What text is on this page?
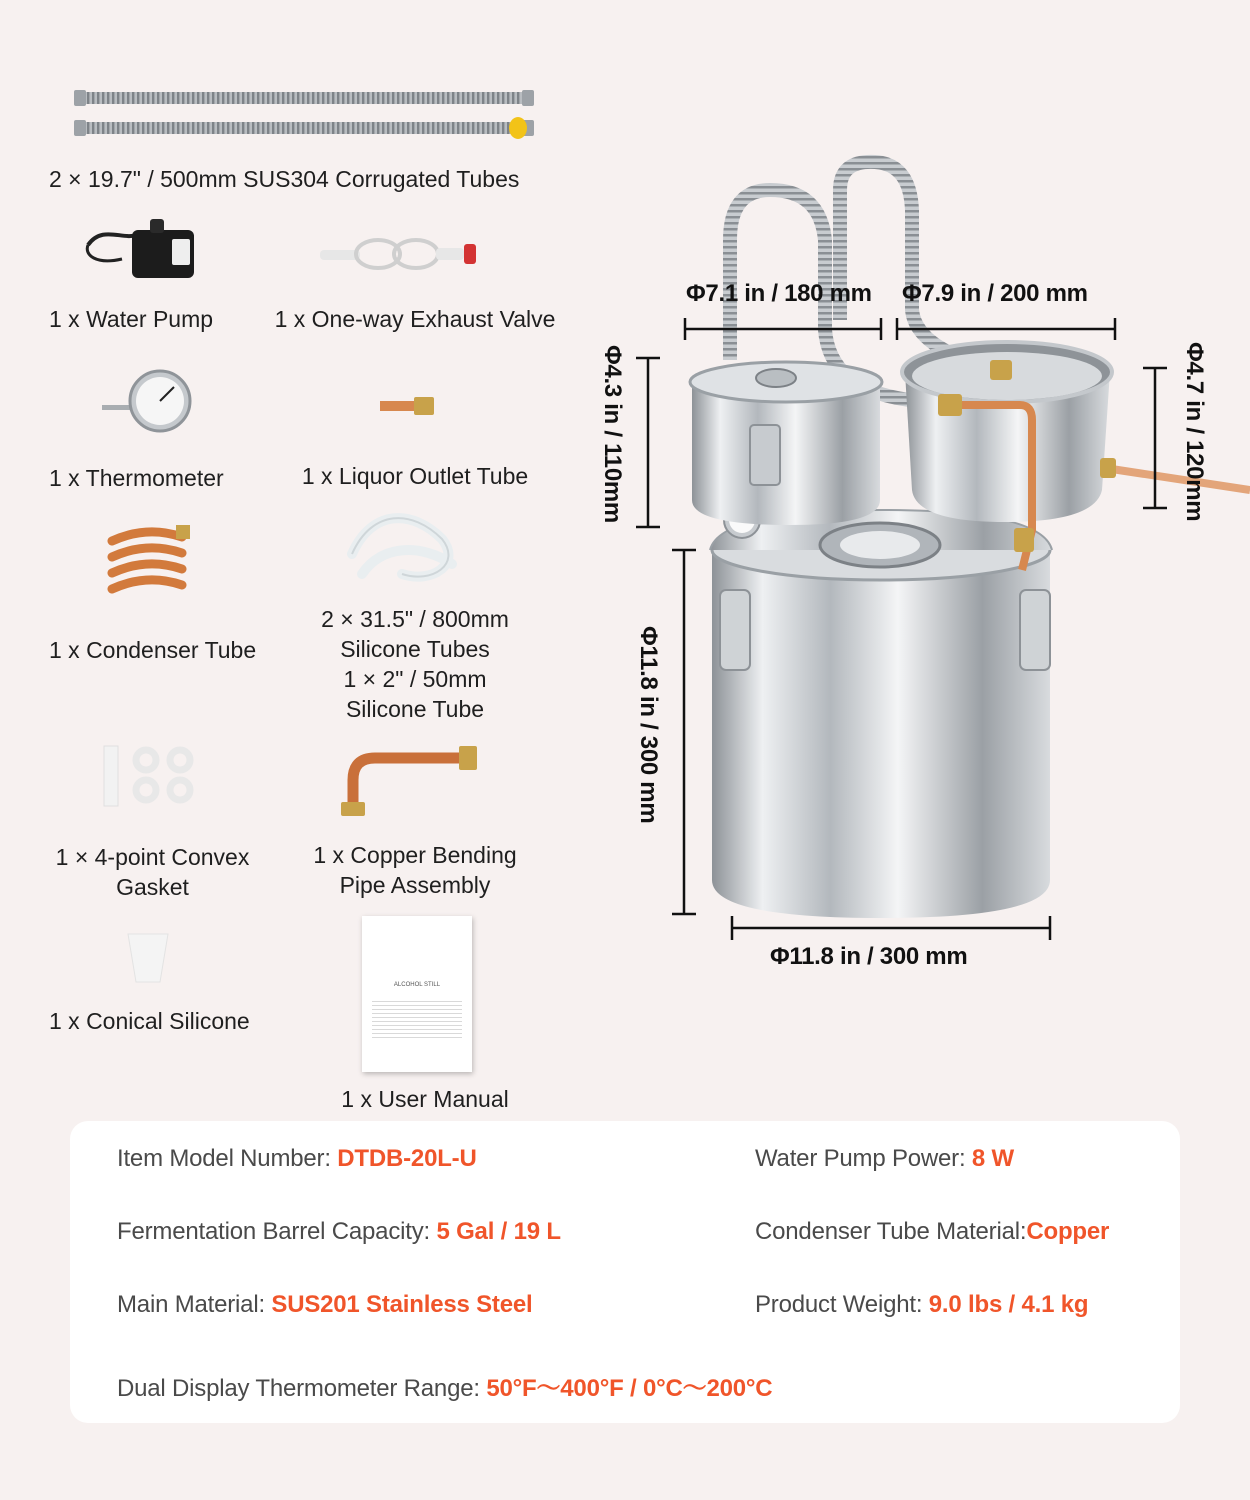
2 × 19.7" / 500mm SUS304 Corrugated Tubes
1 x Water Pump	1 x One-way Exhaust Valve
1 x Thermometer	1 x Liquor Outlet Tube
1 x Condenser Tube
2 × 31.5" / 800mm
Silicone Tubes
1 × 2" / 50mm
Silicone Tube
1 × 4-point Convex
Gasket
1 x Copper Bending
Pipe Assembly
1 x Conical Silicone
ALCOHOL STILL
1 x User Manual
Φ7.1 in / 180 mm Φ7.9 in / 200 mm
Φ4.3 in / 110mm	Φ4.7 in / 120mm
Φ11.8 in / 300 mm
Φ11.8 in / 300 mm
Item Model Number: DTDB-20L-U	Water Pump Power: 8 W
Fermentation Barrel Capacity: 5 Gal / 19 L	Condenser Tube Material:Copper
Main Material: SUS201 Stainless Steel	Product Weight: 9.0 lbs / 4.1 kg
Dual Display Thermometer Range: 50°F～400°F / 0°C～200°C
